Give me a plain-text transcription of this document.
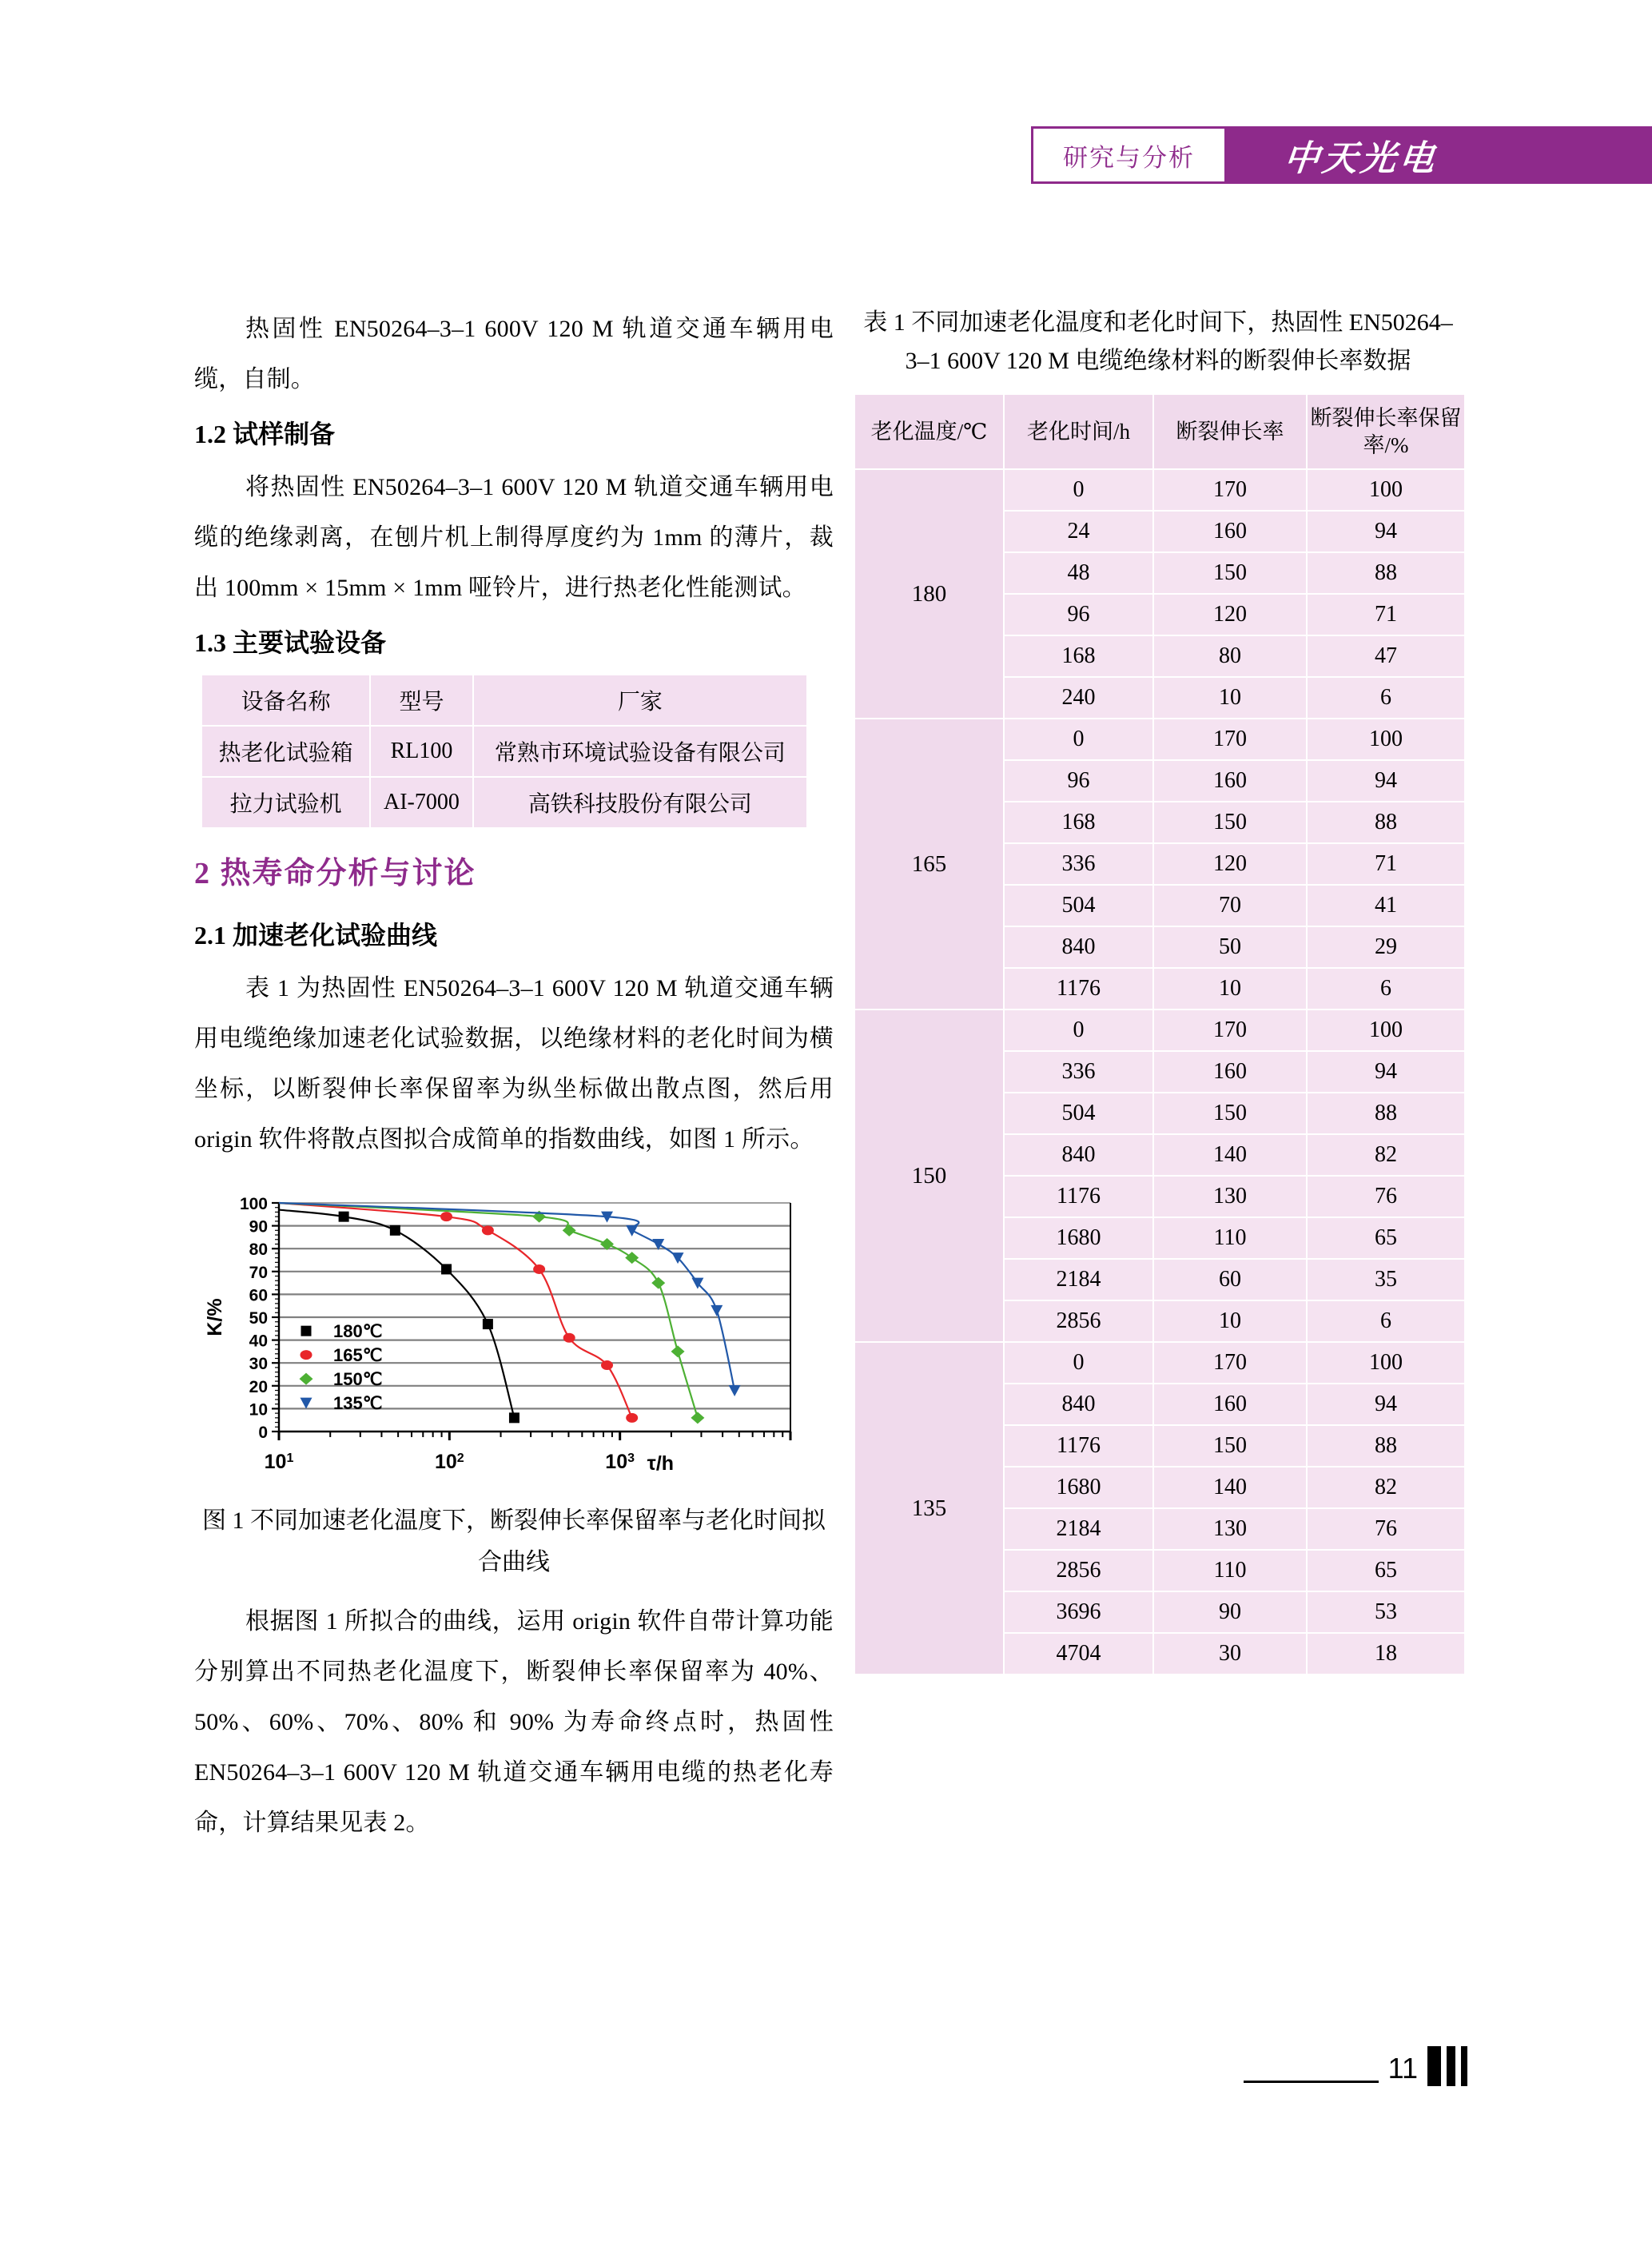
研究与分析	中天光电

热固性 EN50264–3–1 600V 120 M 轨道交通车辆用电缆，自制。

1.2 试样制备

将热固性 EN50264–3–1 600V 120 M 轨道交通车辆用电缆的绝缘剥离，在刨片机上制得厚度约为 1mm 的薄片，裁出 100mm × 15mm × 1mm 哑铃片，进行热老化性能测试。

1.3 主要试验设备
设备名称	型号	厂家
热老化试验箱	RL100	常熟市环境试验设备有限公司
拉力试验机	AI-7000	高铁科技股份有限公司
2 热寿命分析与讨论
2.1 加速老化试验曲线

表 1 为热固性 EN50264–3–1 600V 120 M 轨道交通车辆用电缆绝缘加速老化试验数据，以绝缘材料的老化时间为横坐标，以断裂伸长率保留率为纵坐标做出散点图，然后用 origin 软件将散点图拟合成简单的指数曲线，如图 1 所示。

0
10
20
30
40
50
60
70
80
90
100
K/%
$10^1$	$10^2$	$10^3$ τ/h
180℃
165℃
150℃
135℃
图 1 不同加速老化温度下，断裂伸长率保留率与老化时间拟合曲线

根据图 1 所拟合的曲线，运用 origin 软件自带计算功能分别算出不同热老化温度下，断裂伸长率保留率为 40%、50%、60%、70%、80% 和 90% 为寿命终点时，热固性 EN50264–3–1 600V 120 M 轨道交通车辆用电缆的热老化寿命，计算结果见表 2。

表 1 不同加速老化温度和老化时间下，热固性 EN50264–3–1 600V 120 M 电缆绝缘材料的断裂伸长率数据
老化温度/℃	老化时间/h	断裂伸长率	断裂伸长率保留率/%
180	0	170	100
	24	160	94
	48	150	88
	96	120	71
	168	80	47
	240	10	6
165	0	170	100
	96	160	94
	168	150	88
	336	120	71
	504	70	41
	840	50	29
	1176	10	6
150	0	170	100
	336	160	94
	504	150	88
	840	140	82
	1176	130	76
	1680	110	65
	2184	60	35
	2856	10	6
135	0	170	100
	840	160	94
	1176	150	88
	1680	140	82
	2184	130	76
	2856	110	65
	3696	90	53
	4704	30	18
11
